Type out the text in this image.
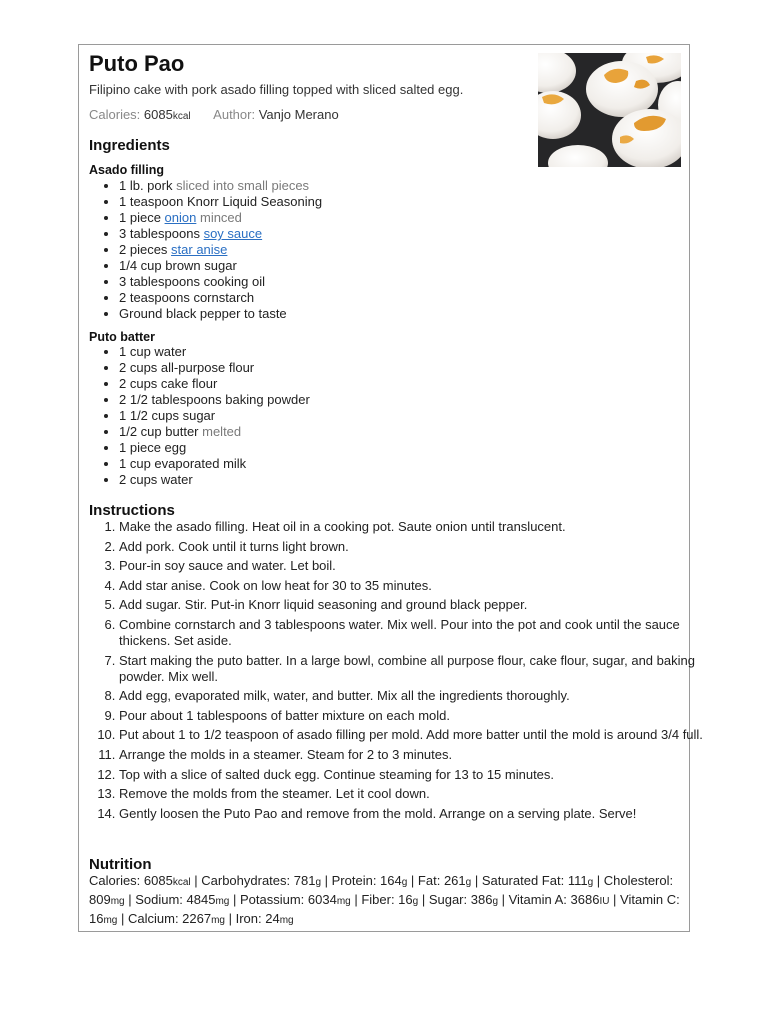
Puto Pao
Filipino cake with pork asado filling topped with sliced salted egg.
Calories: 6085kcal Author: Vanjo Merano
Ingredients
Asado filling
• 1 lb. pork sliced into small pieces
• 1 teaspoon Knorr Liquid Seasoning
• 1 piece onion minced
• 3 tablespoons soy sauce
• 2 pieces star anise
• 1/4 cup brown sugar
• 3 tablespoons cooking oil
• 2 teaspoons cornstarch
• Ground black pepper to taste
Puto batter
• 1 cup water
• 2 cups all-purpose flour
• 2 cups cake flour
• 2 1/2 tablespoons baking powder
• 1 1/2 cups sugar
• 1/2 cup butter melted
• 1 piece egg
• 1 cup evaporated milk
• 2 cups water
Instructions
1. Make the asado filling. Heat oil in a cooking pot. Saute onion until translucent.
2. Add pork. Cook until it turns light brown.
3. Pour-in soy sauce and water. Let boil.
4. Add star anise. Cook on low heat for 30 to 35 minutes.
5. Add sugar. Stir. Put-in Knorr liquid seasoning and ground black pepper.
6. Combine cornstarch and 3 tablespoons water. Mix well. Pour into the pot and cook until the sauce thickens. Set aside.
7. Start making the puto batter. In a large bowl, combine all purpose flour, cake flour, sugar, and baking powder. Mix well.
8. Add egg, evaporated milk, water, and butter. Mix all the ingredients thoroughly.
9. Pour about 1 tablespoons of batter mixture on each mold.
10. Put about 1 to 1/2 teaspoon of asado filling per mold. Add more batter until the mold is around 3/4 full.
11. Arrange the molds in a steamer. Steam for 2 to 3 minutes.
12. Top with a slice of salted duck egg. Continue steaming for 13 to 15 minutes.
13. Remove the molds from the steamer. Let it cool down.
14. Gently loosen the Puto Pao and remove from the mold. Arrange on a serving plate. Serve!
Nutrition
Calories: 6085kcal | Carbohydrates: 781g | Protein: 164g | Fat: 261g | Saturated Fat: 111g | Cholesterol: 809mg | Sodium: 4845mg | Potassium: 6034mg | Fiber: 16g | Sugar: 386g | Vitamin A: 3686IU | Vitamin C: 16mg | Calcium: 2267mg | Iron: 24mg
